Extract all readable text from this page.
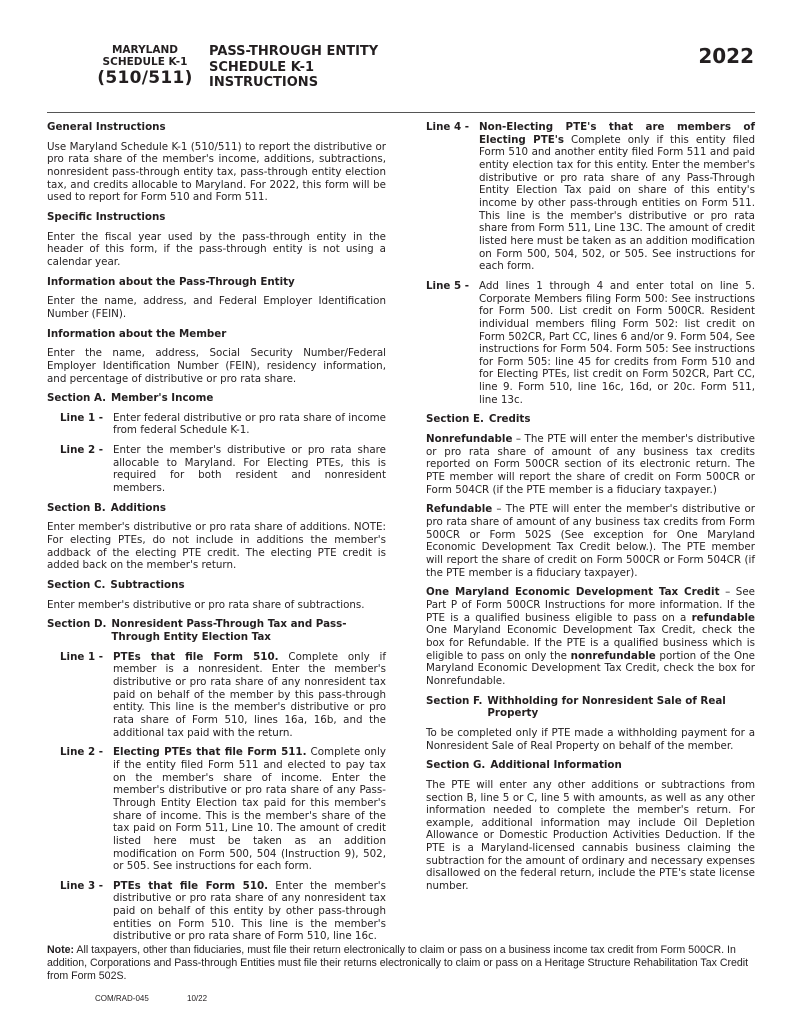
MARYLAND
SCHEDULE K-1
(510/511)
PASS-THROUGH ENTITY
SCHEDULE K-1
INSTRUCTIONS
2022
General Instructions
Use Maryland Schedule K-1 (510/511) to report the distributive or pro rata share of the member's income, additions, subtractions, nonresident pass-through entity tax, pass-through entity election tax, and credits allocable to Maryland. For 2022, this form will be used to report for Form 510 and Form 511.
Specific Instructions
Enter the fiscal year used by the pass-through entity in the header of this form, if the pass-through entity is not using a calendar year.
Information about the Pass-Through Entity
Enter the name, address, and Federal Employer Identification Number (FEIN).
Information about the Member
Enter the name, address, Social Security Number/Federal Employer Identification Number (FEIN), residency information, and percentage of distributive or pro rata share.
Section A. Member's Income
Line 1 - Enter federal distributive or pro rata share of income from federal Schedule K-1.
Line 2 - Enter the member's distributive or pro rata share allocable to Maryland. For Electing PTEs, this is required for both resident and nonresident members.
Section B. Additions
Enter member's distributive or pro rata share of additions. NOTE: For electing PTEs, do not include in additions the member's addback of the electing PTE credit. The electing PTE credit is added back on the member's return.
Section C. Subtractions
Enter member's distributive or pro rata share of subtractions.
Section D. Nonresident Pass-Through Tax and Pass-Through Entity Election Tax
Line 1 - PTEs that file Form 510. Complete only if member is a nonresident. Enter the member's distributive or pro rata share of any nonresident tax paid on behalf of the member by this pass-through entity. This line is the member's distributive or pro rata share of Form 510, lines 16a, 16b, and the additional tax paid with the return.
Line 2 - Electing PTEs that file Form 511. Complete only if the entity filed Form 511 and elected to pay tax on the member's share of income. Enter the member's distributive or pro rata share of any Pass-Through Entity Election tax paid for this member's share of income. This is the member's share of the tax paid on Form 511, Line 10. The amount of credit listed here must be taken as an addition modification on Form 500, 504 (Instruction 9), 502, or 505. See instructions for each form.
Line 3 - PTEs that file Form 510. Enter the member's distributive or pro rata share of any nonresident tax paid on behalf of this entity by other pass-through entities on Form 510. This line is the member's distributive or pro rata share of Form 510, line 16c.
Line 4 - Non-Electing PTE's that are members of Electing PTE's Complete only if this entity filed Form 510 and another entity filed Form 511 and paid entity election tax for this entity. Enter the member's distributive or pro rata share of any Pass-Through Entity Election Tax paid on share of this entity's income by other pass-through entities on Form 511. This line is the member's distributive or pro rata share from Form 511, Line 13C. The amount of credit listed here must be taken as an addition modification on Form 500, 504, 502, or 505. See instructions for each form.
Line 5 - Add lines 1 through 4 and enter total on line 5. Corporate Members filing Form 500: See instructions for Form 500. List credit on Form 500CR. Resident individual members filing Form 502: list credit on Form 502CR, Part CC, lines 6 and/or 9. Form 504, See instructions for Form 504. Form 505: See instructions for Form 505: line 45 for credits from Form 510 and for Electing PTEs, list credit on Form 502CR, Part CC, line 9. Form 510, line 16c, 16d, or 20c. Form 511, line 13c.
Section E. Credits
Nonrefundable – The PTE will enter the member's distributive or pro rata share of amount of any business tax credits reported on Form 500CR section of its electronic return. The PTE member will report the share of credit on Form 500CR or Form 504CR (if the PTE member is a fiduciary taxpayer.)
Refundable – The PTE will enter the member's distributive or pro rata share of amount of any business tax credits from Form 500CR or Form 502S (See exception for One Maryland Economic Development Tax Credit below.). The PTE member will report the share of credit on Form 500CR or Form 504CR (if the PTE member is a fiduciary taxpayer).
One Maryland Economic Development Tax Credit – See Part P of Form 500CR Instructions for more information. If the PTE is a qualified business eligible to pass on a refundable One Maryland Economic Development Tax Credit, check the box for Refundable. If the PTE is a qualified business which is eligible to pass on only the nonrefundable portion of the One Maryland Economic Development Tax Credit, check the box for Nonrefundable.
Section F. Withholding for Nonresident Sale of Real Property
To be completed only if PTE made a withholding payment for a Nonresident Sale of Real Property on behalf of the member.
Section G. Additional Information
The PTE will enter any other additions or subtractions from section B, line 5 or C, line 5 with amounts, as well as any other information needed to complete the member's return. For example, additional information may include Oil Depletion Allowance or Domestic Production Activities Deduction. If the PTE is a Maryland-licensed cannabis business claiming the subtraction for the amount of ordinary and necessary expenses disallowed on the federal return, include the PTE's state license number.
Note: All taxpayers, other than fiduciaries, must file their return electronically to claim or pass on a business income tax credit from Form 500CR. In addition, Corporations and Pass-through Entities must file their returns electronically to claim or pass on a Heritage Structure Rehabilitation Tax Credit from Form 502S.
COM/RAD-045	10/22
